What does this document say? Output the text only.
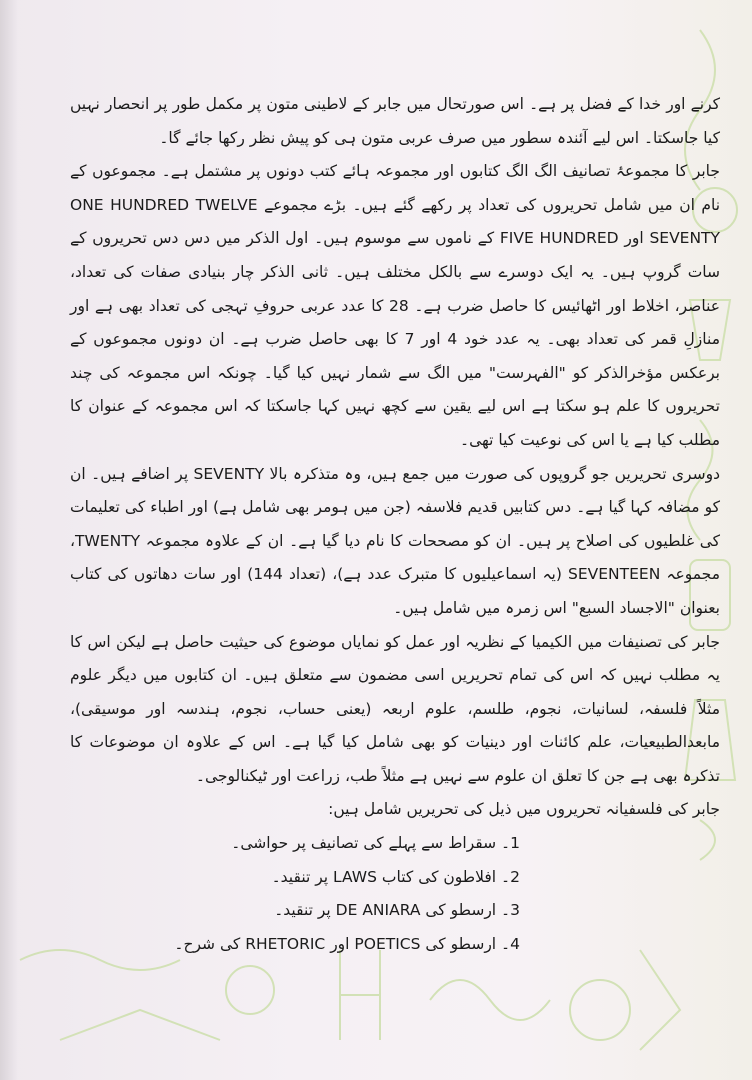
کرنے اور خدا کے فضل پر ہے۔ اس صورتحال میں جابر کے لاطینی متون پر مکمل طور پر انحصار نہیں کیا جاسکتا۔ اس لیے آئندہ سطور میں صرف عربی متون ہی کو پیش نظر رکھا جائے گا۔

جابر کا مجموعۂ تصانیف الگ الگ کتابوں اور مجموعہ ہائے کتب دونوں پر مشتمل ہے۔ مجموعوں کے نام ان میں شامل تحریروں کی تعداد پر رکھے گئے ہیں۔ بڑے مجموعے ONE HUNDRED TWELVE SEVENTY اور FIVE HUNDRED کے ناموں سے موسوم ہیں۔ اول الذکر میں دس دس تحریروں کے سات گروپ ہیں۔ یہ ایک دوسرے سے بالکل مختلف ہیں۔ ثانی الذکر چار بنیادی صفات کی تعداد، عناصر، اخلاط اور اٹھائیس کا حاصل ضرب ہے۔ 28 کا عدد عربی حروفِ تہجی کی تعداد بھی ہے اور منازلِ قمر کی تعداد بھی۔ یہ عدد خود 4 اور 7 کا بھی حاصل ضرب ہے۔ ان دونوں مجموعوں کے برعکس مؤخرالذکر کو "الفہرست" میں الگ سے شمار نہیں کیا گیا۔ چونکہ اس مجموعہ کی چند تحریروں کا علم ہو سکتا ہے اس لیے یقین سے کچھ نہیں کہا جاسکتا کہ اس مجموعہ کے عنوان کا مطلب کیا ہے یا اس کی نوعیت کیا تھی۔

دوسری تحریریں جو گروپوں کی صورت میں جمع ہیں، وہ متذکرہ بالا SEVENTY پر اضافے ہیں۔ ان کو مضافہ کہا گیا ہے۔ دس کتابیں قدیم فلاسفہ (جن میں ہومر بھی شامل ہے) اور اطباء کی تعلیمات کی غلطیوں کی اصلاح پر ہیں۔ ان کو مصححات کا نام دیا گیا ہے۔ ان کے علاوہ مجموعہ TWENTY، مجموعہ SEVENTEEN (یہ اسماعیلیوں کا متبرک عدد ہے)، (تعداد 144) اور سات دھاتوں کی کتاب بعنوان "الاجساد السبع" اس زمرہ میں شامل ہیں۔

جابر کی تصنیفات میں الکیمیا کے نظریہ اور عمل کو نمایاں موضوع کی حیثیت حاصل ہے لیکن اس کا یہ مطلب نہیں کہ اس کی تمام تحریریں اسی مضمون سے متعلق ہیں۔ ان کتابوں میں دیگر علوم مثلاً فلسفہ، لسانیات، نجوم، طلسم، علوم اربعہ (یعنی حساب، نجوم، ہندسہ اور موسیقی)، مابعدالطبیعیات، علم کائنات اور دینیات کو بھی شامل کیا گیا ہے۔ اس کے علاوہ ان موضوعات کا تذکرہ بھی ہے جن کا تعلق ان علوم سے نہیں ہے مثلاً طب، زراعت اور ٹیکنالوجی۔

جابر کی فلسفیانہ تحریروں میں ذیل کی تحریریں شامل ہیں:

1۔ سقراط سے پہلے کی تصانیف پر حواشی۔
2۔ افلاطون کی کتاب LAWS پر تنقید۔
3۔ ارسطو کی DE ANIARA پر تنقید۔
4۔ ارسطو کی POETICS اور RHETORIC کی شرح۔
